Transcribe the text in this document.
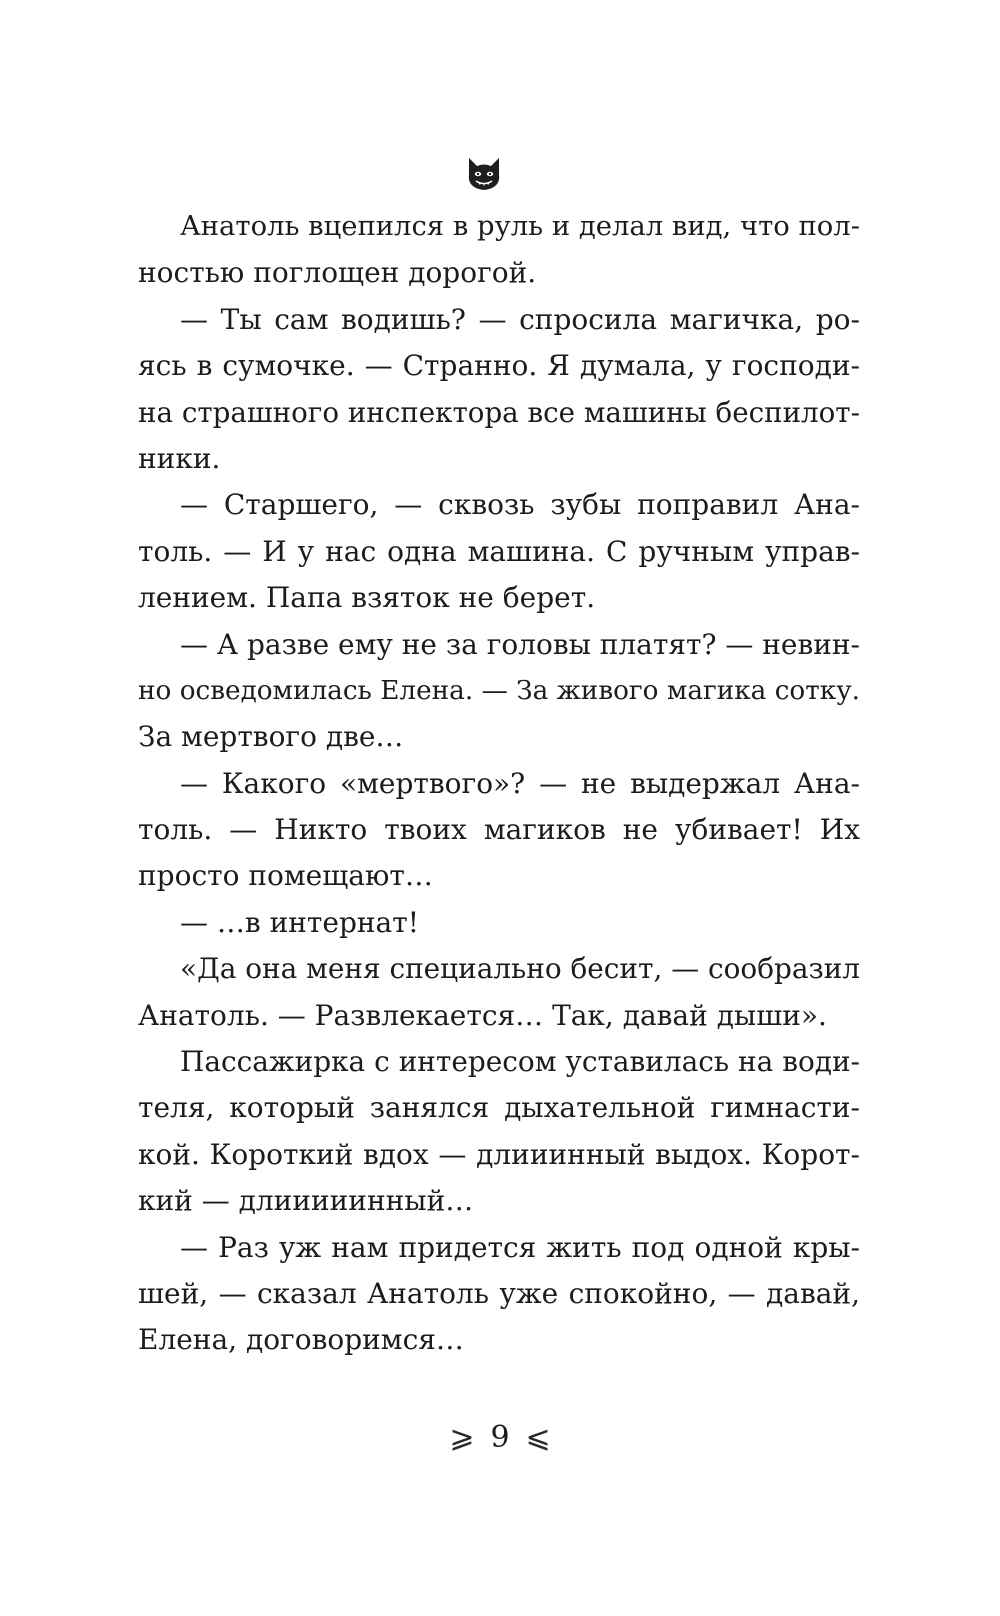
Анатоль вцепился в руль и делал вид, что пол-
ностью поглощен дорогой.
— Ты сам водишь? — спросила магичка, ро-
ясь в сумочке. — Странно. Я думала, у господи-
на страшного инспектора все машины беспилот-
ники.
— Старшего, — сквозь зубы поправил Ана-
толь. — И у нас одна машина. С ручным управ-
лением. Папа взяток не берет.
— А разве ему не за головы платят? — невин-
но осведомилась Елена. — За живого магика сотку.
За мертвого две…
— Какого «мертвого»? — не выдержал Ана-
толь. — Никто твоих магиков не убивает! Их
просто помещают…
— …в интернат!
«Да она меня специально бесит, — сообразил
Анатоль. — Развлекается… Так, давай дыши».
Пассажирка с интересом уставилась на води-
теля, который занялся дыхательной гимнасти-
кой. Короткий вдох — длииинный выдох. Корот-
кий — длииииинный…
— Раз уж нам придется жить под одной кры-
шей, — сказал Анатоль уже спокойно, — давай,
Елена, договоримся…
⩾ 9 ⩽
